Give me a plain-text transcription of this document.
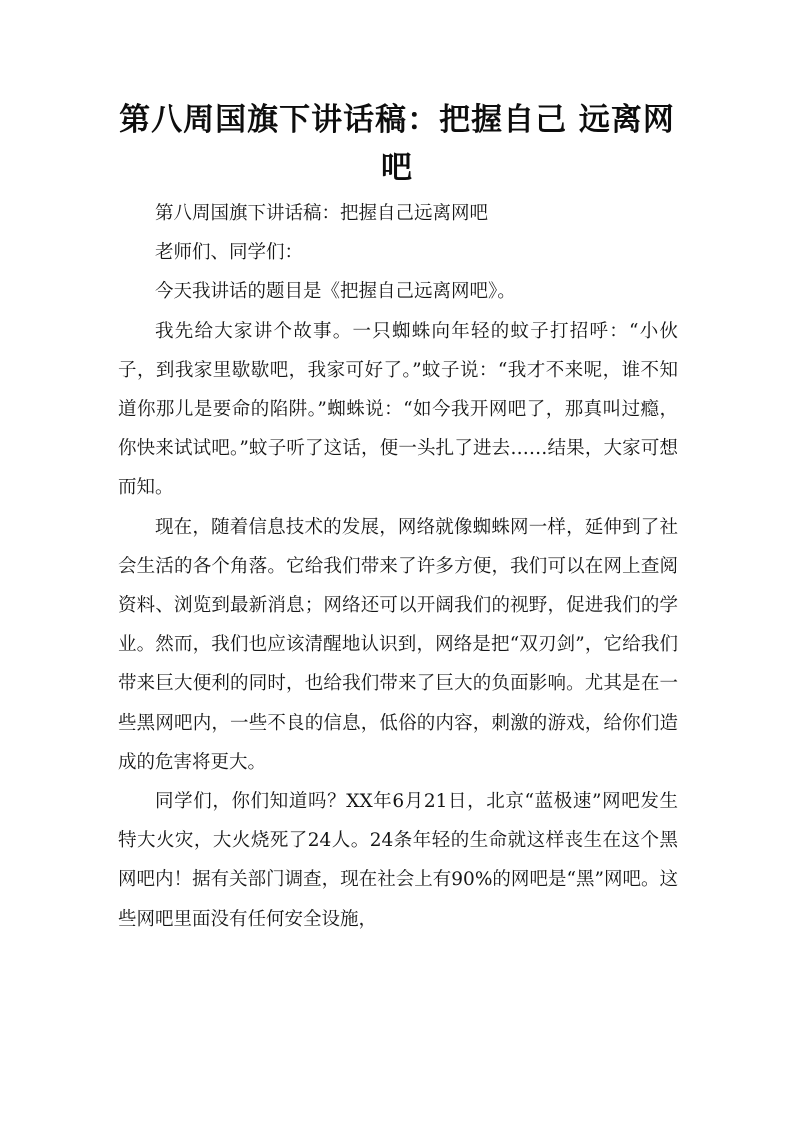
第八周国旗下讲话稿：把握自己 远离网吧

第八周国旗下讲话稿：把握自己远离网吧

老师们、同学们：

今天我讲话的题目是《把握自己远离网吧》。

我先给大家讲个故事。一只蜘蛛向年轻的蚊子打招呼：“小伙子，到我家里歇歇吧，我家可好了。”蚊子说：“我才不来呢，谁不知道你那儿是要命的陷阱。”蜘蛛说：“如今我开网吧了，那真叫过瘾，你快来试试吧。”蚊子听了这话，便一头扎了进去……结果，大家可想而知。

现在，随着信息技术的发展，网络就像蜘蛛网一样，延伸到了社会生活的各个角落。它给我们带来了许多方便，我们可以在网上查阅资料、浏览到最新消息；网络还可以开阔我们的视野，促进我们的学业。然而，我们也应该清醒地认识到，网络是把“双刃剑”，它给我们带来巨大便利的同时，也给我们带来了巨大的负面影响。尤其是在一些黑网吧内，一些不良的信息，低俗的内容，刺激的游戏，给你们造成的危害将更大。

同学们，你们知道吗？XX年6月21日，北京“蓝极速”网吧发生特大火灾，大火烧死了24人。24条年轻的生命就这样丧生在这个黑网吧内！据有关部门调查，现在社会上有90%的网吧是“黑”网吧。这些网吧里面没有任何安全设施，
